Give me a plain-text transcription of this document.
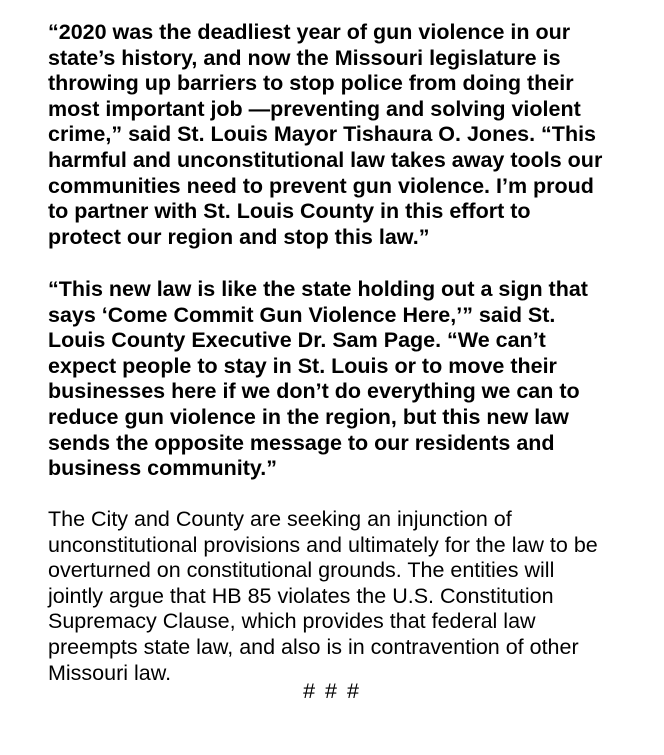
“2020 was the deadliest year of gun violence in our
state’s history, and now the Missouri legislature is
throwing up barriers to stop police from doing their
most important job —preventing and solving violent
crime,” said St. Louis Mayor Tishaura O. Jones. “This
harmful and unconstitutional law takes away tools our
communities need to prevent gun violence. I’m proud
to partner with St. Louis County in this effort to
protect our region and stop this law.”

“This new law is like the state holding out a sign that
says ‘Come Commit Gun Violence Here,’” said St.
Louis County Executive Dr. Sam Page. “We can’t
expect people to stay in St. Louis or to move their
businesses here if we don’t do everything we can to
reduce gun violence in the region, but this new law
sends the opposite message to our residents and
business community.”

The City and County are seeking an injunction of
unconstitutional provisions and ultimately for the law to be
overturned on constitutional grounds. The entities will
jointly argue that HB 85 violates the U.S. Constitution
Supremacy Clause, which provides that federal law
preempts state law, and also is in contravention of other
Missouri law.

# # #
